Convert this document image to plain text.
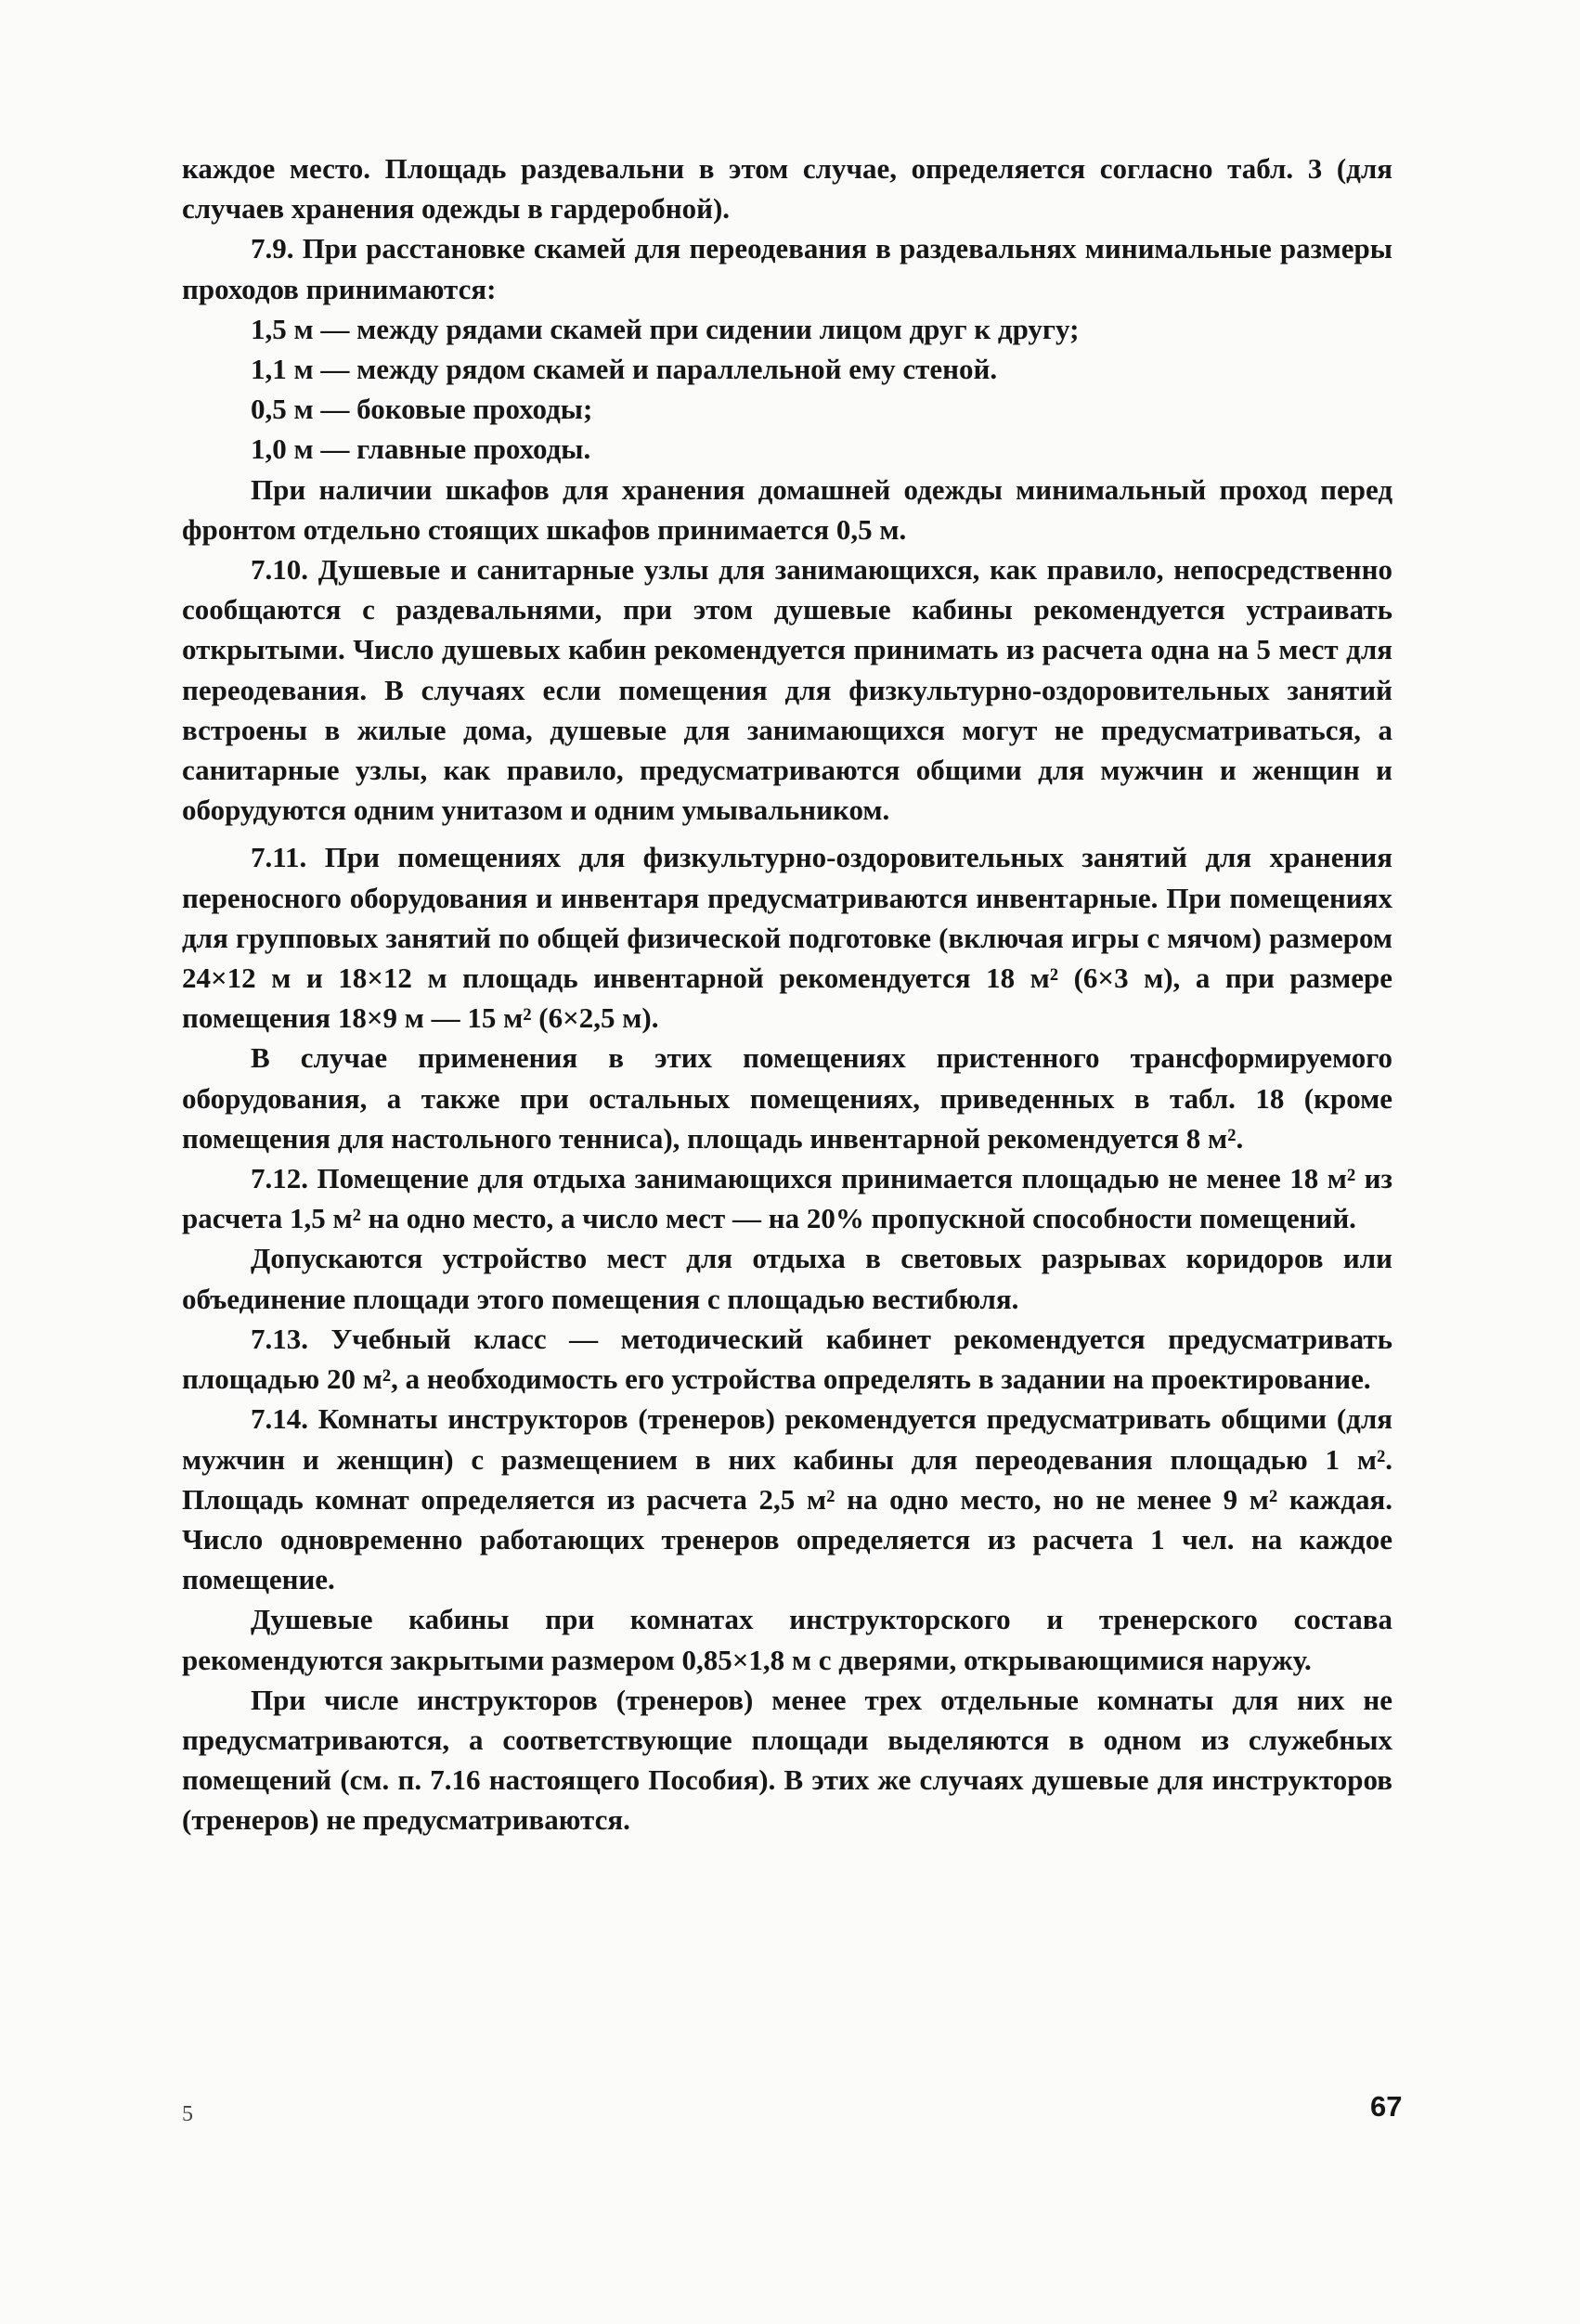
каждое место. Площадь раздевальни в этом случае, определяется согласно табл. 3 (для случаев хранения одежды в гардеробной).

7.9. При расстановке скамей для переодевания в раздевальнях минимальные размеры проходов принимаются:

1,5 м — между рядами скамей при сидении лицом друг к другу;

1,1 м — между рядом скамей и параллельной ему стеной.

0,5 м — боковые проходы;

1,0 м — главные проходы.

При наличии шкафов для хранения домашней одежды минимальный проход перед фронтом отдельно стоящих шкафов принимается 0,5 м.

7.10. Душевые и санитарные узлы для занимающихся, как правило, непосредственно сообщаются с раздевальнями, при этом душевые кабины рекомендуется устраивать открытыми. Число душевых кабин рекомендуется принимать из расчета одна на 5 мест для переодевания. В случаях если помещения для физкультурно-оздоровительных занятий встроены в жилые дома, душевые для занимающихся могут не предусматриваться, а санитарные узлы, как правило, предусматриваются общими для мужчин и женщин и оборудуются одним унитазом и одним умывальником.

7.11. При помещениях для физкультурно-оздоровительных занятий для хранения переносного оборудования и инвентаря предусматриваются инвентарные. При помещениях для групповых занятий по общей физической подготовке (включая игры с мячом) размером 24×12 м и 18×12 м площадь инвентарной рекомендуется 18 м² (6×3 м), а при размере помещения 18×9 м — 15 м² (6×2,5 м).

В случае применения в этих помещениях пристенного трансформируемого оборудования, а также при остальных помещениях, приведенных в табл. 18 (кроме помещения для настольного тенниса), площадь инвентарной рекомендуется 8 м².

7.12. Помещение для отдыха занимающихся принимается площадью не менее 18 м² из расчета 1,5 м² на одно место, а число мест — на 20% пропускной способности помещений.

Допускаются устройство мест для отдыха в световых разрывах коридоров или объединение площади этого помещения с площадью вестибюля.

7.13. Учебный класс — методический кабинет рекомендуется предусматривать площадью 20 м², а необходимость его устройства определять в задании на проектирование.

7.14. Комнаты инструкторов (тренеров) рекомендуется предусматривать общими (для мужчин и женщин) с размещением в них кабины для переодевания площадью 1 м². Площадь комнат определяется из расчета 2,5 м² на одно место, но не менее 9 м² каждая. Число одновременно работающих тренеров определяется из расчета 1 чел. на каждое помещение.

Душевые кабины при комнатах инструкторского и тренерского состава рекомендуются закрытыми размером 0,85×1,8 м с дверями, открывающимися наружу.

При числе инструкторов (тренеров) менее трех отдельные комнаты для них не предусматриваются, а соответствующие площади выделяются в одном из служебных помещений (см. п. 7.16 настоящего Пособия). В этих же случаях душевые для инструкторов (тренеров) не предусматриваются.

5	67
